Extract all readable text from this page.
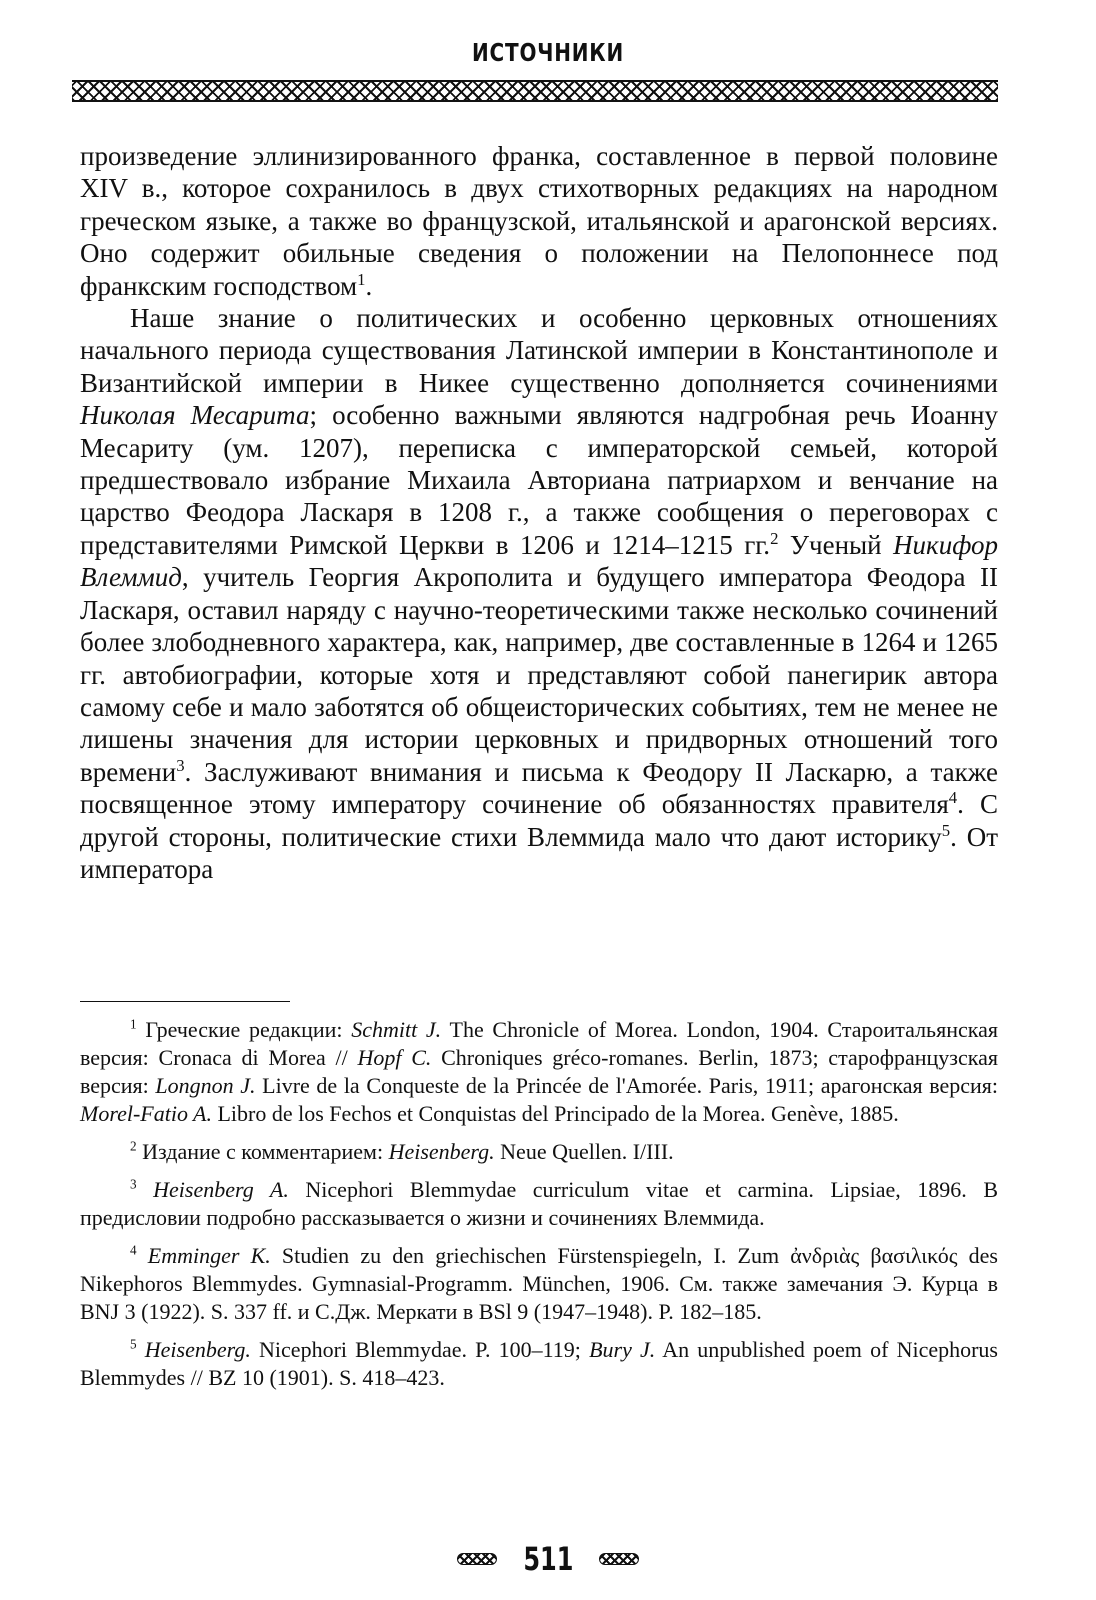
ИСТОЧНИКИ

произведение эллинизированного франка, составленное в первой половине XIV в., которое сохранилось в двух стихотворных редакциях на народном греческом языке, а также во французской, итальянской и арагонской версиях. Оно содержит обильные сведения о положении на Пелопоннесе под франкским господством$^1$.

Наше знание о политических и особенно церковных отношениях начального периода существования Латинской империи в Константинополе и Византийской империи в Никее существенно дополняется сочинениями Николая Месарита; особенно важными являются надгробная речь Иоанну Месариту (ум. 1207), переписка с императорской семьей, которой предшествовало избрание Михаила Авториана патриархом и венчание на царство Феодора Ласкаря в 1208 г., а также сообщения о переговорах с представителями Римской Церкви в 1206 и 1214–1215 гг.$^2$ Ученый Никифор Влеммид, учитель Георгия Акрополита и будущего императора Феодора II Ласкаря, оставил наряду с научно-теоретическими также несколько сочинений более злободневного характера, как, например, две составленные в 1264 и 1265 гг. автобиографии, которые хотя и представляют собой панегирик автора самому себе и мало заботятся об общеисторических событиях, тем не менее не лишены значения для истории церковных и придворных отношений того времени$^3$. Заслуживают внимания и письма к Феодору II Ласкарю, а также посвященное этому императору сочинение об обязанностях правителя$^4$. С другой стороны, политические стихи Влеммида мало что дают историку$^5$. От императора

$^1$ Греческие редакции: Schmitt J. The Chronicle of Morea. London, 1904. Староитальянская версия: Cronaca di Morea // Hopf C. Chroniques gréco-romanes. Berlin, 1873; старофранцузская версия: Longnon J. Livre de la Conqueste de la Princée de l'Amorée. Paris, 1911; арагонская версия: Morel-Fatio A. Libro de los Fechos et Conquistas del Principado de la Morea. Genève, 1885.

$^2$ Издание с комментарием: Heisenberg. Neue Quellen. I/III.

$^3$ Heisenberg A. Nicephori Blemmydae curriculum vitae et carmina. Lipsiae, 1896. В предисловии подробно рассказывается о жизни и сочинениях Влеммида.

$^4$ Emminger K. Studien zu den griechischen Fürstenspiegeln, I. Zum ἀνδριὰς βασιλικός des Nikephoros Blemmydes. Gymnasial-Programm. München, 1906. См. также замечания Э. Курца в BNJ 3 (1922). S. 337 ff. и С.Дж. Меркати в BSl 9 (1947–1948). P. 182–185.

$^5$ Heisenberg. Nicephori Blemmydae. P. 100–119; Bury J. An unpublished poem of Nicephorus Blemmydes // BZ 10 (1901). S. 418–423.

511
